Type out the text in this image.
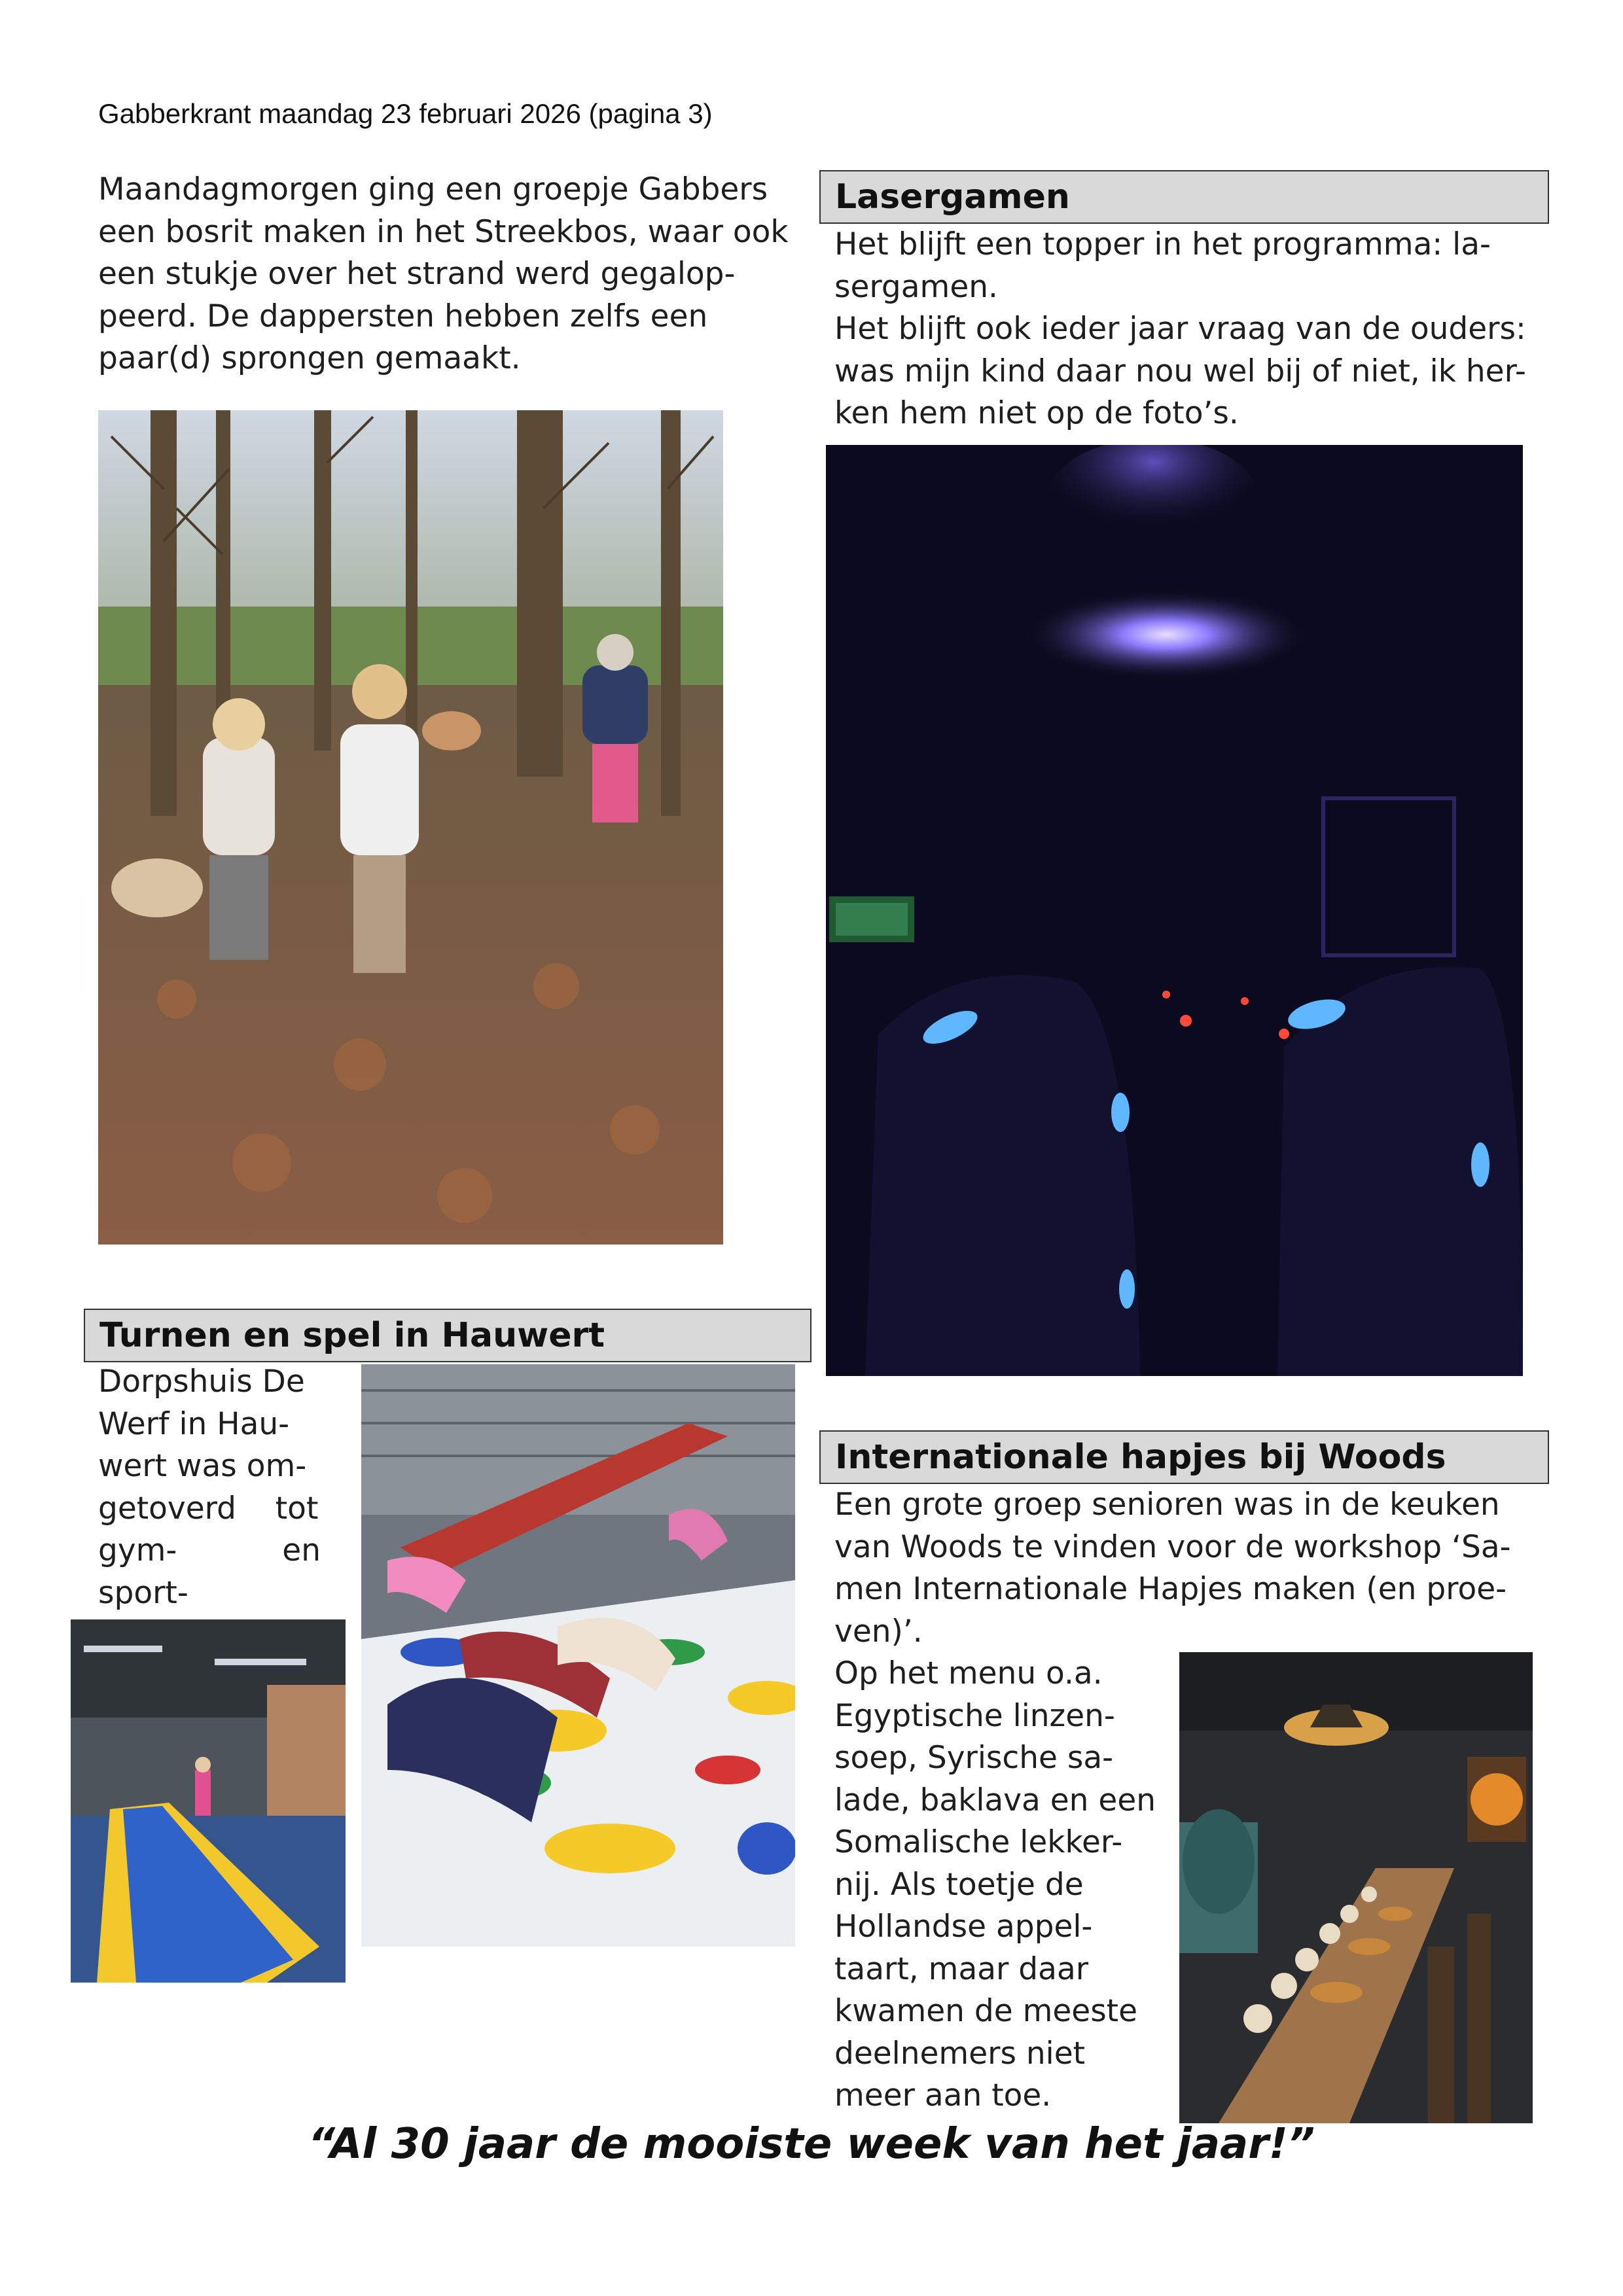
Gabberkrant maandag 23 februari 2026 (pagina 3)

Maandagmorgen ging een groepje Gabbers

een bosrit maken in het Streekbos, waar ook

een stukje over het strand werd gegalop-

peerd. De dappersten hebben zelfs een

paar(d) sprongen gemaakt.

Lasergamen

Het blijft een topper in het programma: la-

sergamen.

Het blijft ook ieder jaar vraag van de ouders:

was mijn kind daar nou wel bij of niet, ik her-

ken hem niet op de foto’s.

Turnen en spel in Hauwert

Dorpshuis De

Werf in Hau-

wert was om-

getoverd    tot

gym- en sport-

Internationale hapjes bij Woods

Een grote groep senioren was in de keuken

van Woods te vinden voor de workshop ‘Sa-

men Internationale Hapjes maken (en proe-

ven)’.

Op het menu o.a.

Egyptische linzen-

soep, Syrische sa-

lade, baklava en een

Somalische lekker-

nij. Als toetje de

Hollandse appel-

taart, maar daar

kwamen de meeste

deelnemers niet

meer aan toe.

“Al 30 jaar de mooiste week van het jaar!”
